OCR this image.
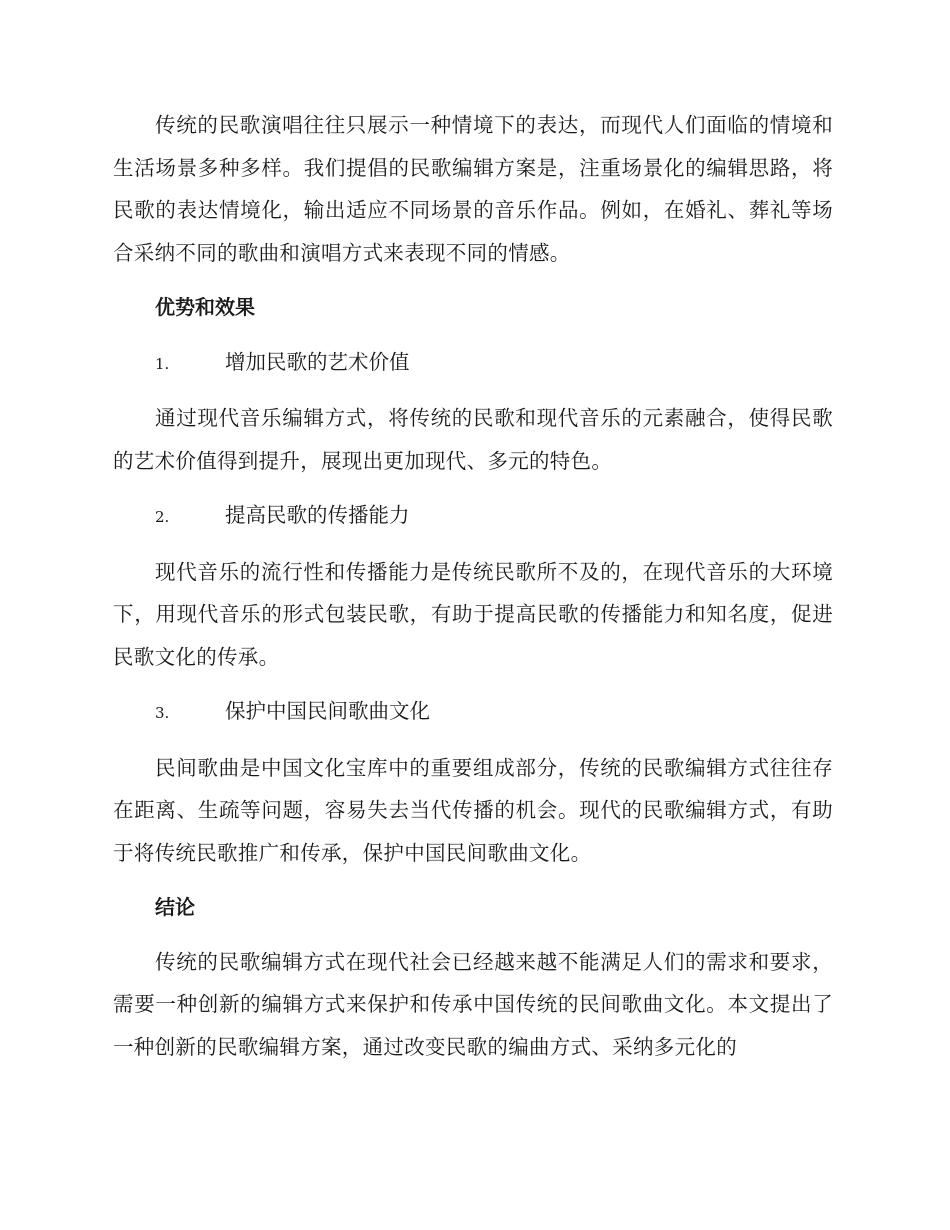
传统的民歌演唱往往只展示一种情境下的表达，而现代人们面临的情境和生活场景多种多样。我们提倡的民歌编辑方案是，注重场景化的编辑思路，将民歌的表达情境化，输出适应不同场景的音乐作品。例如，在婚礼、葬礼等场合采纳不同的歌曲和演唱方式来表现不同的情感。

优势和效果
1.	增加民歌的艺术价值

通过现代音乐编辑方式，将传统的民歌和现代音乐的元素融合，使得民歌的艺术价值得到提升，展现出更加现代、多元的特色。

2.	提高民歌的传播能力

现代音乐的流行性和传播能力是传统民歌所不及的，在现代音乐的大环境下，用现代音乐的形式包装民歌，有助于提高民歌的传播能力和知名度，促进民歌文化的传承。

3.	保护中国民间歌曲文化

民间歌曲是中国文化宝库中的重要组成部分，传统的民歌编辑方式往往存在距离、生疏等问题，容易失去当代传播的机会。现代的民歌编辑方式，有助于将传统民歌推广和传承，保护中国民间歌曲文化。

结论

传统的民歌编辑方式在现代社会已经越来越不能满足人们的需求和要求，需要一种创新的编辑方式来保护和传承中国传统的民间歌曲文化。本文提出了一种创新的民歌编辑方案，通过改变民歌的编曲方式、采纳多元化的
